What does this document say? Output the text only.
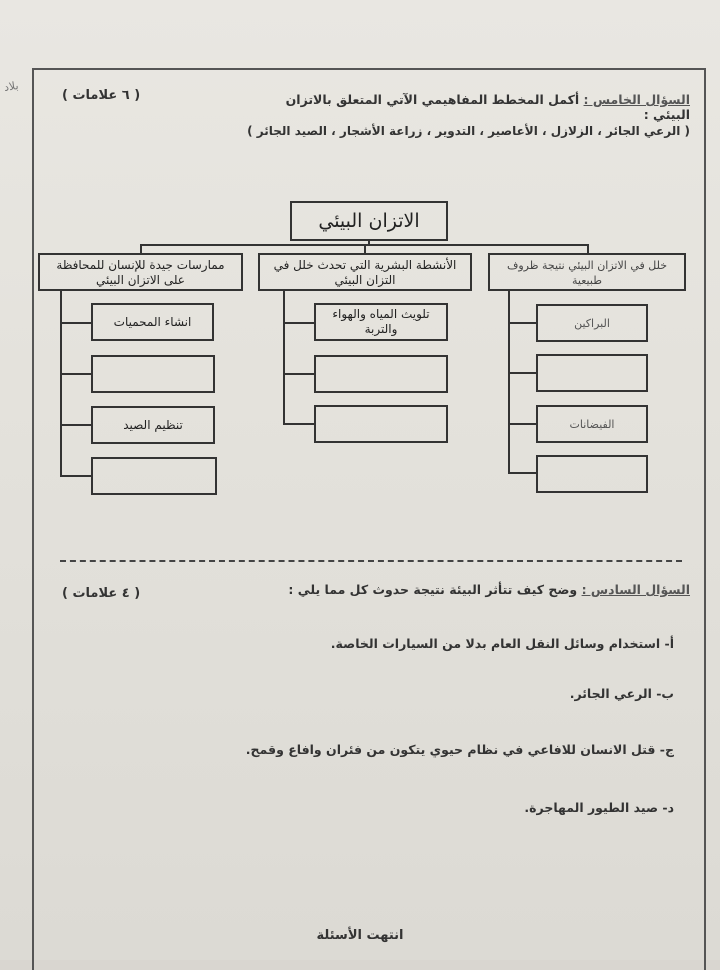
بلاد
( ٦ علامات )	السؤال الخامس : أكمل المخطط المفاهيمي الآتي المتعلق بالاتزان البيئي :
( الرعي الجائر ، الزلازل ، الأعاصير ، التدوير ، زراعة الأشجار ، الصيد الجائر )
الاتزان البيئي
خلل في الاتزان البيئي نتيجة ظروف طبيعية
البراكين
الفيضانات
الأنشطة البشرية التي تحدث خلل في التزان البيئي
تلويث المياه والهواء والتربة
ممارسات جيدة للإنسان للمحافظة على الاتزان البيئي
انشاء المحميات
تنظيم الصيد
( ٤ علامات )	السؤال السادس : وضح كيف تتأثر البيئة نتيجة حدوث كل مما يلي :
أ- استخدام وسائل النقل العام بدلا من السيارات الخاصة.
ب- الرعي الجائر.
ج- قتل الانسان للافاعي في نظام حيوي يتكون من فئران وافاع وقمح.
د- صيد الطيور المهاجرة.
انتهت الأسئلة
